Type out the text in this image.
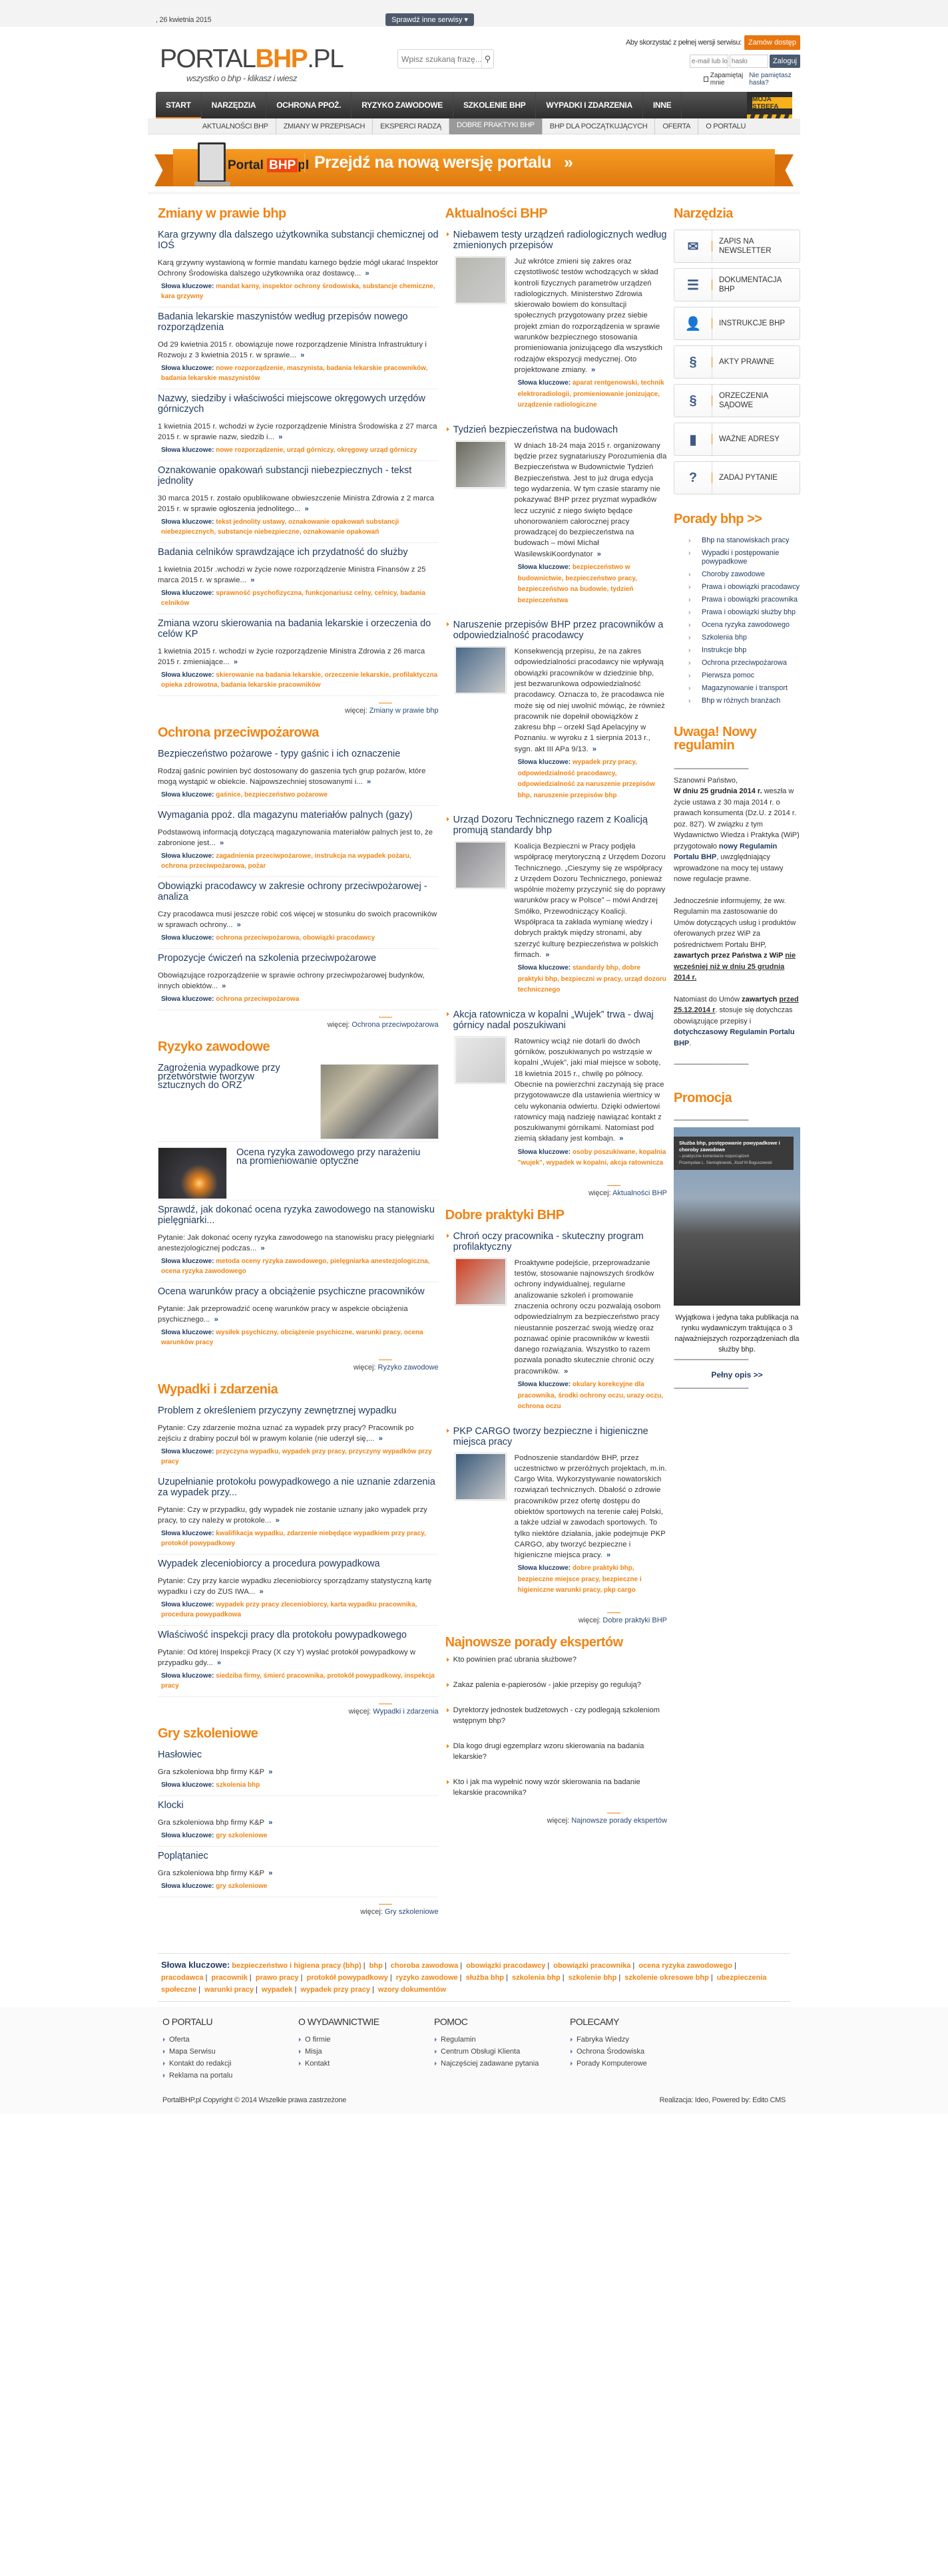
, 26 kwietnia 2015	Sprawdź inne serwisy ▾
PORTALBHP.PL
wszystko o bhp - klikasz i wiesz
Wpisz szukaną frazę...
⚲
Aby skorzystać z pełnej wersji serwisu: Zamów dostęp
e-mail lub login
Zaloguj
Zapamiętaj mnie
Nie pamiętasz hasła?
START	NARZĘDZIA	OCHRONA PPOŻ.	RYZYKO ZAWODOWE	SZKOLENIE BHP	WYPADKI I ZDARZENIA	INNE
MOJA STREFA
AKTUALNOŚCI BHP	ZMIANY W PRZEPISACH	EKSPERCI RADZĄ	DOBRE PRAKTYKI BHP	BHP DLA POCZĄTKUJĄCYCH	OFERTA	O PORTALU
Portal BHP pl Przejdź na nową wersję portalu »
Zmiany w prawie bhp
Kara grzywny dla dalszego użytkownika substancji chemicznej od IOŚ

Karą grzywny wystawioną w formie mandatu karnego będzie mógł ukarać Inspektor Ochrony Środowiska dalszego użytkownika oraz dostawcę... »

Słowa kluczowe: mandat karny, inspektor ochrony środowiska, substancje chemiczne, kara grzywny
Badania lekarskie maszynistów według przepisów nowego rozporządzenia

Od 29 kwietnia 2015 r. obowiązuje nowe rozporządzenie Ministra Infrastruktury i Rozwoju z 3 kwietnia 2015 r. w sprawie... »

Słowa kluczowe: nowe rozporządzenie, maszynista, badania lekarskie pracowników, badania lekarskie maszynistów
Nazwy, siedziby i właściwości miejscowe okręgowych urzędów górniczych

1 kwietnia 2015 r. wchodzi w życie rozporządzenie Ministra Środowiska z 27 marca 2015 r. w sprawie nazw, siedzib i... »

Słowa kluczowe: nowe rozporządzenie, urząd górniczy, okręgowy urząd górniczy
Oznakowanie opakowań substancji niebezpiecznych - tekst jednolity

30 marca 2015 r. zostało opublikowane obwieszczenie Ministra Zdrowia z 2 marca 2015 r. w sprawie ogłoszenia jednolitego... »

Słowa kluczowe: tekst jednolity ustawy, oznakowanie opakowań substancji niebezpiecznych, substancje niebezpieczne, oznakowanie opakowań
Badania celników sprawdzające ich przydatność do służby

1 kwietnia 2015r .wchodzi w życie nowe rozporządzenie Ministra Finansów z 25 marca 2015 r. w sprawie... »

Słowa kluczowe: sprawność psychofizyczna, funkcjonariusz celny, celnicy, badania celników
Zmiana wzoru skierowania na badania lekarskie i orzeczenia do celów KP

1 kwietnia 2015 r. wchodzi w życie rozporządzenie Ministra Zdrowia z 26 marca 2015 r. zmieniające... »

Słowa kluczowe: skierowanie na badania lekarskie, orzeczenie lekarskie, profilaktyczna opieka zdrowotna, badania lekarskie pracowników
więcej: Zmiany w prawie bhp
Ochrona przeciwpożarowa
Bezpieczeństwo pożarowe - typy gaśnic i ich oznaczenie

Rodzaj gaśnic powinien być dostosowany do gaszenia tych grup pożarów, które mogą wystąpić w obiekcie. Najpowszechniej stosowanymi i... »

Słowa kluczowe: gaśnice, bezpieczeństwo pożarowe
Wymagania ppoż. dla magazynu materiałów palnych (gazy)

Podstawową informacją dotyczącą magazynowania materiałów palnych jest to, że zabronione jest... »

Słowa kluczowe: zagadnienia przeciwpożarowe, instrukcja na wypadek pożaru, ochrona przeciwpożarowa, pożar
Obowiązki pracodawcy w zakresie ochrony przeciwpożarowej - analiza

Czy pracodawca musi jeszcze robić coś więcej w stosunku do swoich pracowników w sprawach ochrony... »

Słowa kluczowe: ochrona przeciwpożarowa, obowiązki pracodawcy
Propozycje ćwiczeń na szkolenia przeciwpożarowe

Obowiązujące rozporządzenie w sprawie ochrony przeciwpożarowej budynków, innych obiektów... »

Słowa kluczowe: ochrona przeciwpożarowa
więcej: Ochrona przeciwpożarowa
Ryzyko zawodowe
Zagrożenia wypadkowe przy przetwórstwie tworzyw sztucznych do ORZ
Ocena ryzyka zawodowego przy narażeniu na promieniowanie optyczne
Sprawdź, jak dokonać ocena ryzyka zawodowego na stanowisku pielęgniarki...

Pytanie: Jak dokonać oceny ryzyka zawodowego na stanowisku pracy pielęgniarki anestezjologicznej podczas... »

Słowa kluczowe: metoda oceny ryzyka zawodowego, pielęgniarka anestezjologiczna, ocena ryzyka zawodowego
Ocena warunków pracy a obciążenie psychiczne pracowników

Pytanie: Jak przeprowadzić ocenę warunków pracy w aspekcie obciążenia psychicznego... »

Słowa kluczowe: wysiłek psychiczny, obciążenie psychiczne, warunki pracy, ocena warunków pracy
więcej: Ryzyko zawodowe
Wypadki i zdarzenia
Problem z określeniem przyczyny zewnętrznej wypadku

Pytanie: Czy zdarzenie można uznać za wypadek przy pracy? Pracownik po zejściu z drabiny poczuł ból w prawym kolanie (nie uderzył się,... »

Słowa kluczowe: przyczyna wypadku, wypadek przy pracy, przyczyny wypadków przy pracy
Uzupełnianie protokołu powypadkowego a nie uznanie zdarzenia za wypadek przy...

Pytanie: Czy w przypadku, gdy wypadek nie zostanie uznany jako wypadek przy pracy, to czy należy w protokole... »

Słowa kluczowe: kwalifikacja wypadku, zdarzenie niebędące wypadkiem przy pracy, protokół powypadkowy
Wypadek zleceniobiorcy a procedura powypadkowa

Pytanie: Czy przy karcie wypadku zleceniobiorcy sporządzamy statystyczną kartę wypadku i czy do ZUS IWA... »

Słowa kluczowe: wypadek przy pracy zleceniobiorcy, karta wypadku pracownika, procedura powypadkowa
Właściwość inspekcji pracy dla protokołu powypadkowego

Pytanie: Od której Inspekcji Pracy (X czy Y) wysłać protokół powypadkowy w przypadku gdy... »

Słowa kluczowe: siedziba firmy, śmierć pracownika, protokół powypadkowy, inspekcja pracy
więcej: Wypadki i zdarzenia
Gry szkoleniowe
Hasłowiec

Gra szkoleniowa bhp firmy K&P »

Słowa kluczowe: szkolenia bhp
Klocki

Gra szkoleniowa bhp firmy K&P »

Słowa kluczowe: gry szkoleniowe
Poplątaniec

Gra szkoleniowa bhp firmy K&P »

Słowa kluczowe: gry szkoleniowe
więcej: Gry szkoleniowe
Aktualności BHP
Niebawem testy urządzeń radiologicznych według zmienionych przepisów

Już wkrótce zmieni się zakres oraz częstotliwość testów wchodzących w skład kontroli fizycznych parametrów urządzeń radiologicznych. Ministerstwo Zdrowia skierowało bowiem do konsultacji społecznych przygotowany przez siebie projekt zmian do rozporządzenia w sprawie warunków bezpiecznego stosowania promieniowania jonizującego dla wszystkich rodzajów ekspozycji medycznej. Oto projektowane zmiany. »

Słowa kluczowe: aparat rentgenowski, technik elektroradiologii, promieniowanie jonizujące, urządzenie radiologiczne
Tydzień bezpieczeństwa na budowach

W dniach 18-24 maja 2015 r. organizowany będzie przez sygnatariuszy Porozumienia dla Bezpieczeństwa w Budownictwie Tydzień Bezpieczeństwa. Jest to już druga edycja tego wydarzenia. W tym czasie staramy nie pokazywać BHP przez pryzmat wypadków lecz uczynić z niego święto będące uhonorowaniem całorocznej pracy prowadzącej do bezpieczeństwa na budowach – mówi Michał WasilewskiKoordynator »

Słowa kluczowe: bezpieczeństwo w budownictwie, bezpieczeństwo pracy, bezpieczeństwo na budowie, tydzień bezpieczeństwa
Naruszenie przepisów BHP przez pracowników a odpowiedzialność pracodawcy

Konsekwencją przepisu, że na zakres odpowiedzialności pracodawcy nie wpływają obowiązki pracowników w dziedzinie bhp, jest bezwarunkowa odpowiedzialność pracodawcy. Oznacza to, że pracodawca nie może się od niej uwolnić mówiąc, że również pracownik nie dopełnił obowiązków z zakresu bhp – orzekł Sąd Apelacyjny w Poznaniu. w wyroku z 1 sierpnia 2013 r., sygn. akt III APa 9/13. »

Słowa kluczowe: wypadek przy pracy, odpowiedzialność pracodawcy, odpowiedzialność za naruszenie przepisów bhp, naruszenie przepisów bhp
Urząd Dozoru Technicznego razem z Koalicją promują standardy bhp

Koalicja Bezpieczni w Pracy podjęła współpracę merytoryczną z Urzędem Dozoru Technicznego. „Cieszymy się ze współpracy z Urzędem Dozoru Technicznego, ponieważ wspólnie możemy przyczynić się do poprawy warunków pracy w Polsce” – mówi Andrzej Smółko, Przewodniczący Koalicji. Współpraca ta zakłada wymianę wiedzy i dobrych praktyk między stronami, aby szerzyć kulturę bezpieczeństwa w polskich firmach. »

Słowa kluczowe: standardy bhp, dobre praktyki bhp, bezpieczni w pracy, urząd dozoru technicznego
Akcja ratownicza w kopalni „Wujek” trwa - dwaj górnicy nadal poszukiwani

Ratownicy wciąż nie dotarli do dwóch górników, poszukiwanych po wstrząsie w kopalni „Wujek”, jaki miał miejsce w sobotę, 18 kwietnia 2015 r., chwilę po północy. Obecnie na powierzchni zaczynają się prace przygotowawcze dla ustawienia wiertnicy w celu wykonania odwiertu. Dzięki odwiertowi ratownicy mają nadzieję nawiązać kontakt z poszukiwanymi górnikami. Natomiast pod ziemią składany jest kombajn. »

Słowa kluczowe: osoby poszukiwane, kopalnia "wujek", wypadek w kopalni, akcja ratownicza
więcej: Aktualności BHP
Dobre praktyki BHP
Chroń oczy pracownika - skuteczny program profilaktyczny

Proaktywne podejście, przeprowadzanie testów, stosowanie najnowszych środków ochrony indywidualnej, regularne analizowanie szkoleń i promowanie znaczenia ochrony oczu pozwalają osobom odpowiedzialnym za bezpieczeństwo pracy nieustannie poszerzać swoją wiedzę oraz poznawać opinie pracowników w kwestii danego rozwiązania. Wszystko to razem pozwala ponadto skutecznie chronić oczy pracowników. »

Słowa kluczowe: okulary korekcyjne dla pracownika, środki ochrony oczu, urazy oczu, ochrona oczu
PKP CARGO tworzy bezpieczne i higieniczne miejsca pracy

Podnoszenie standardów BHP, przez uczestnictwo w przeróżnych projektach, m.in. Cargo Wita. Wykorzystywanie nowatorskich rozwiązań technicznych. Dbałość o zdrowie pracowników przez ofertę dostępu do obiektów sportowych na terenie całej Polski, a także udział w zawodach sportowych. To tylko niektóre działania, jakie podejmuje PKP CARGO, aby tworzyć bezpieczne i higieniczne miejsca pracy. »

Słowa kluczowe: dobre praktyki bhp, bezpieczne miejsce pracy, bezpieczne i higieniczne warunki pracy, pkp cargo
więcej: Dobre praktyki BHP
Najnowsze porady ekspertów
Kto powinien prać ubrania służbowe?
Zakaz palenia e-papierosów - jakie przepisy go regulują?
Dyrektorzy jednostek budżetowych - czy podlegają szkoleniom wstępnym bhp?
Dla kogo drugi egzemplarz wzoru skierowania na badania lekarskie?
Kto i jak ma wypełnić nowy wzór skierowania na badanie lekarskie pracownika?
więcej: Najnowsze porady ekspertów
Narzędzia
✉	ZAPIS NA NEWSLETTER
☰	DOKUMENTACJA BHP
👤	INSTRUKCJE BHP
§	AKTY PRAWNE
§	ORZECZENIA SĄDOWE
▮	WAŻNE ADRESY
?	ZADAJ PYTANIE
Porady bhp >>
› Bhp na stanowiskach pracy
› Wypadki i postępowanie powypadkowe
› Choroby zawodowe
› Prawa i obowiązki pracodawcy
› Prawa i obowiązki pracownika
› Prawa i obowiązki służby bhp
› Ocena ryzyka zawodowego
› Szkolenia bhp
› Instrukcje bhp
› Ochrona przeciwpożarowa
› Pierwsza pomoc
› Magazynowanie i transport
› Bhp w różnych branżach
Uwaga! Nowy regulamin
------------------------------------------------

Szanowni Państwo,
W dniu 25 grudnia 2014 r. weszła w życie ustawa z 30 maja 2014 r. o prawach konsumenta (Dz.U. z 2014 r. poz. 827). W związku z tym Wydawnictwo Wiedza i Praktyka (WiP) przygotowało nowy Regulamin Portalu BHP, uwzględniający wprowadzone na mocy tej ustawy nowe regulacje prawne.

Jednocześnie informujemy, że ww. Regulamin ma zastosowanie do Umów dotyczących usług i produktów oferowanych przez WiP za pośrednictwem Portalu BHP, zawartych przez Państwa z WiP nie wcześniej niż w dniu 25 grudnia 2014 r.

Natomiast do Umów zawartych przed 25.12.2014 r. stosuje się dotychczas obowiązujące przepisy i dotychczasowy Regulamin Portalu BHP.

------------------------------------------------
Promocja
------------------------------------------------
Służba bhp, postępowanie powypadkowe i choroby zawodowe
– praktyczne komentarze rozporządzeń
Przemysław L. Siemiątkowski, Józef M Boguszewski
Wyjątkowa i jedyna taka publikacja na rynku wydawniczym traktująca o 3 najważniejszych rozporządzeniach dla służby bhp.
------------------------------------------------
Pełny opis >>
------------------------------------------------
Słowa kluczowe: bezpieczeństwo i higiena pracy (bhp) | bhp | choroba zawodowa | obowiązki pracodawcy | obowiązki pracownika | ocena ryzyka zawodowego | pracodawca | pracownik | prawo pracy | protokół powypadkowy | ryzyko zawodowe | służba bhp | szkolenia bhp | szkolenie bhp | szkolenie okresowe bhp | ubezpieczenia społeczne | warunki pracy | wypadek | wypadek przy pracy | wzory dokumentów
O PORTALU
Oferta
Mapa Serwisu
Kontakt do redakcji
Reklama na portalu
O WYDAWNICTWIE
O firmie
Misja
Kontakt
POMOC
Regulamin
Centrum Obsługi Klienta
Najczęściej zadawane pytania
POLECAMY
Fabryka Wiedzy
Ochrona Środowiska
Porady Komputerowe
PortalBHP.pl Copyright © 2014 Wszelkie prawa zastrzeżone	Realizacja: Ideo, Powered by: Edito CMS
